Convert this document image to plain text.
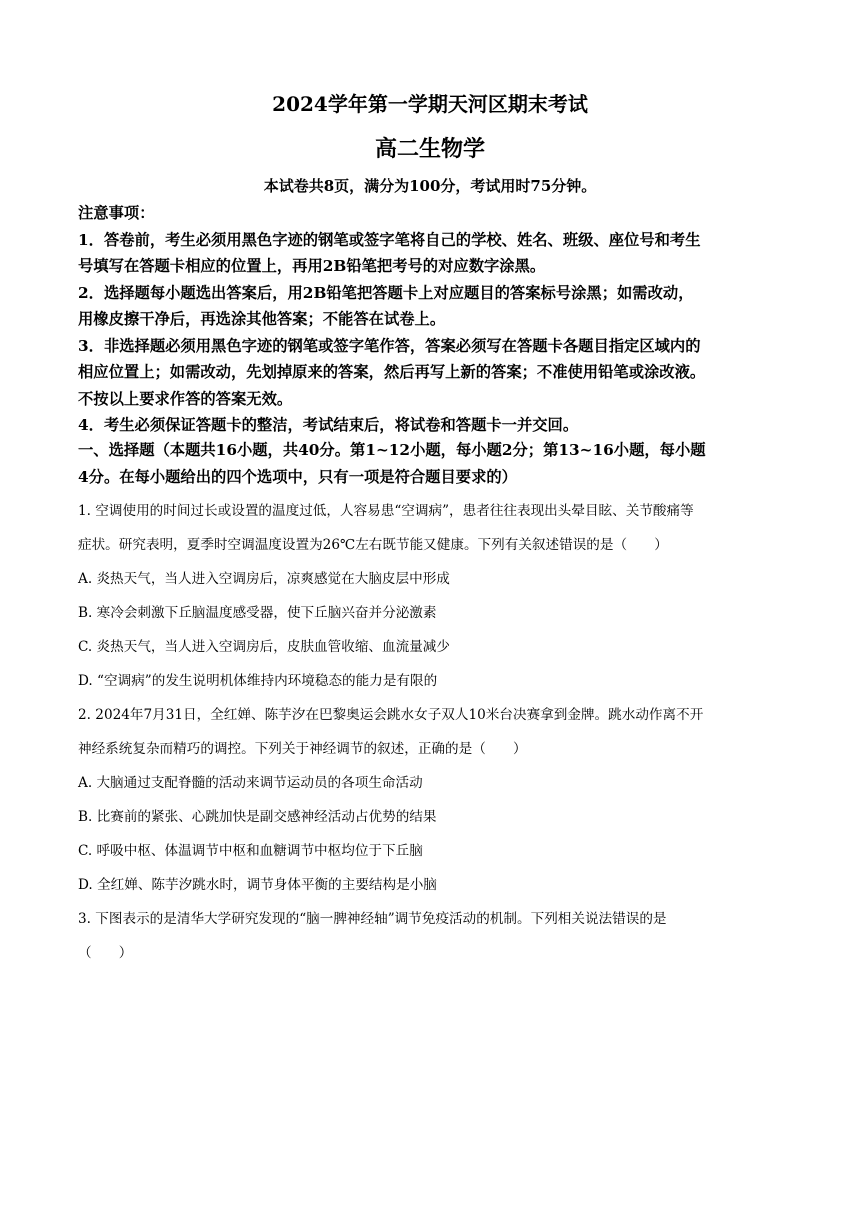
2024学年第一学期天河区期末考试
高二生物学
本试卷共8页，满分为100分，考试用时75分钟。
注意事项：
1．答卷前，考生必须用黑色字迹的钢笔或签字笔将自己的学校、姓名、班级、座位号和考生
号填写在答题卡相应的位置上，再用2B铅笔把考号的对应数字涂黑。
2．选择题每小题选出答案后，用2B铅笔把答题卡上对应题目的答案标号涂黑；如需改动，
用橡皮擦干净后，再选涂其他答案；不能答在试卷上。
3．非选择题必须用黑色字迹的钢笔或签字笔作答，答案必须写在答题卡各题目指定区域内的
相应位置上；如需改动，先划掉原来的答案，然后再写上新的答案；不准使用铅笔或涂改液。
不按以上要求作答的答案无效。
4．考生必须保证答题卡的整洁，考试结束后，将试卷和答题卡一并交回。
一、选择题（本题共16小题，共40分。第1~12小题，每小题2分；第13~16小题，每小题
4分。在每小题给出的四个选项中，只有一项是符合题目要求的）
1. 空调使用的时间过长或设置的温度过低，人容易患“空调病”，患者往往表现出头晕目眩、关节酸痛等
症状。研究表明，夏季时空调温度设置为26℃左右既节能又健康。下列有关叙述错误的是（　　）
A. 炎热天气，当人进入空调房后，凉爽感觉在大脑皮层中形成
B. 寒冷会刺激下丘脑温度感受器，使下丘脑兴奋并分泌激素
C. 炎热天气，当人进入空调房后，皮肤血管收缩、血流量减少
D. “空调病”的发生说明机体维持内环境稳态的能力是有限的
2. 2024年7月31日，全红婵、陈芋汐在巴黎奥运会跳水女子双人10米台决赛拿到金牌。跳水动作离不开
神经系统复杂而精巧的调控。下列关于神经调节的叙述，正确的是（　　）
A. 大脑通过支配脊髓的活动来调节运动员的各项生命活动
B. 比赛前的紧张、心跳加快是副交感神经活动占优势的结果
C. 呼吸中枢、体温调节中枢和血糖调节中枢均位于下丘脑
D. 全红婵、陈芋汐跳水时，调节身体平衡的主要结构是小脑
3. 下图表示的是清华大学研究发现的“脑一脾神经轴”调节免疫活动的机制。下列相关说法错误的是
（　　）
